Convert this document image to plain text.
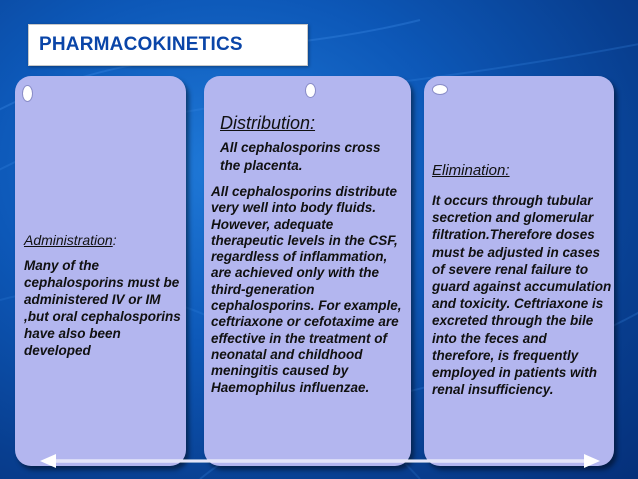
PHARMACOKINETICS
Administration:
Many of the cephalosporins must be administered IV or IM ,but oral cephalosporins have also been developed
Distribution:
All cephalosporins cross the placenta.
All cephalosporins distribute very well into body fluids. However, adequate therapeutic levels in the CSF, regardless of inflammation, are achieved only with the third-generation cephalosporins. For example, ceftriaxone or cefotaxime are effective in the treatment of neonatal and childhood meningitis caused by Haemophilus influenzae.
Elimination:
It occurs through tubular secretion and glomerular filtration.Therefore doses must be adjusted in cases of severe renal failure to guard against accumulation and toxicity. Ceftriaxone is excreted through the bile into the feces and therefore, is frequently employed in patients with renal insufficiency.
